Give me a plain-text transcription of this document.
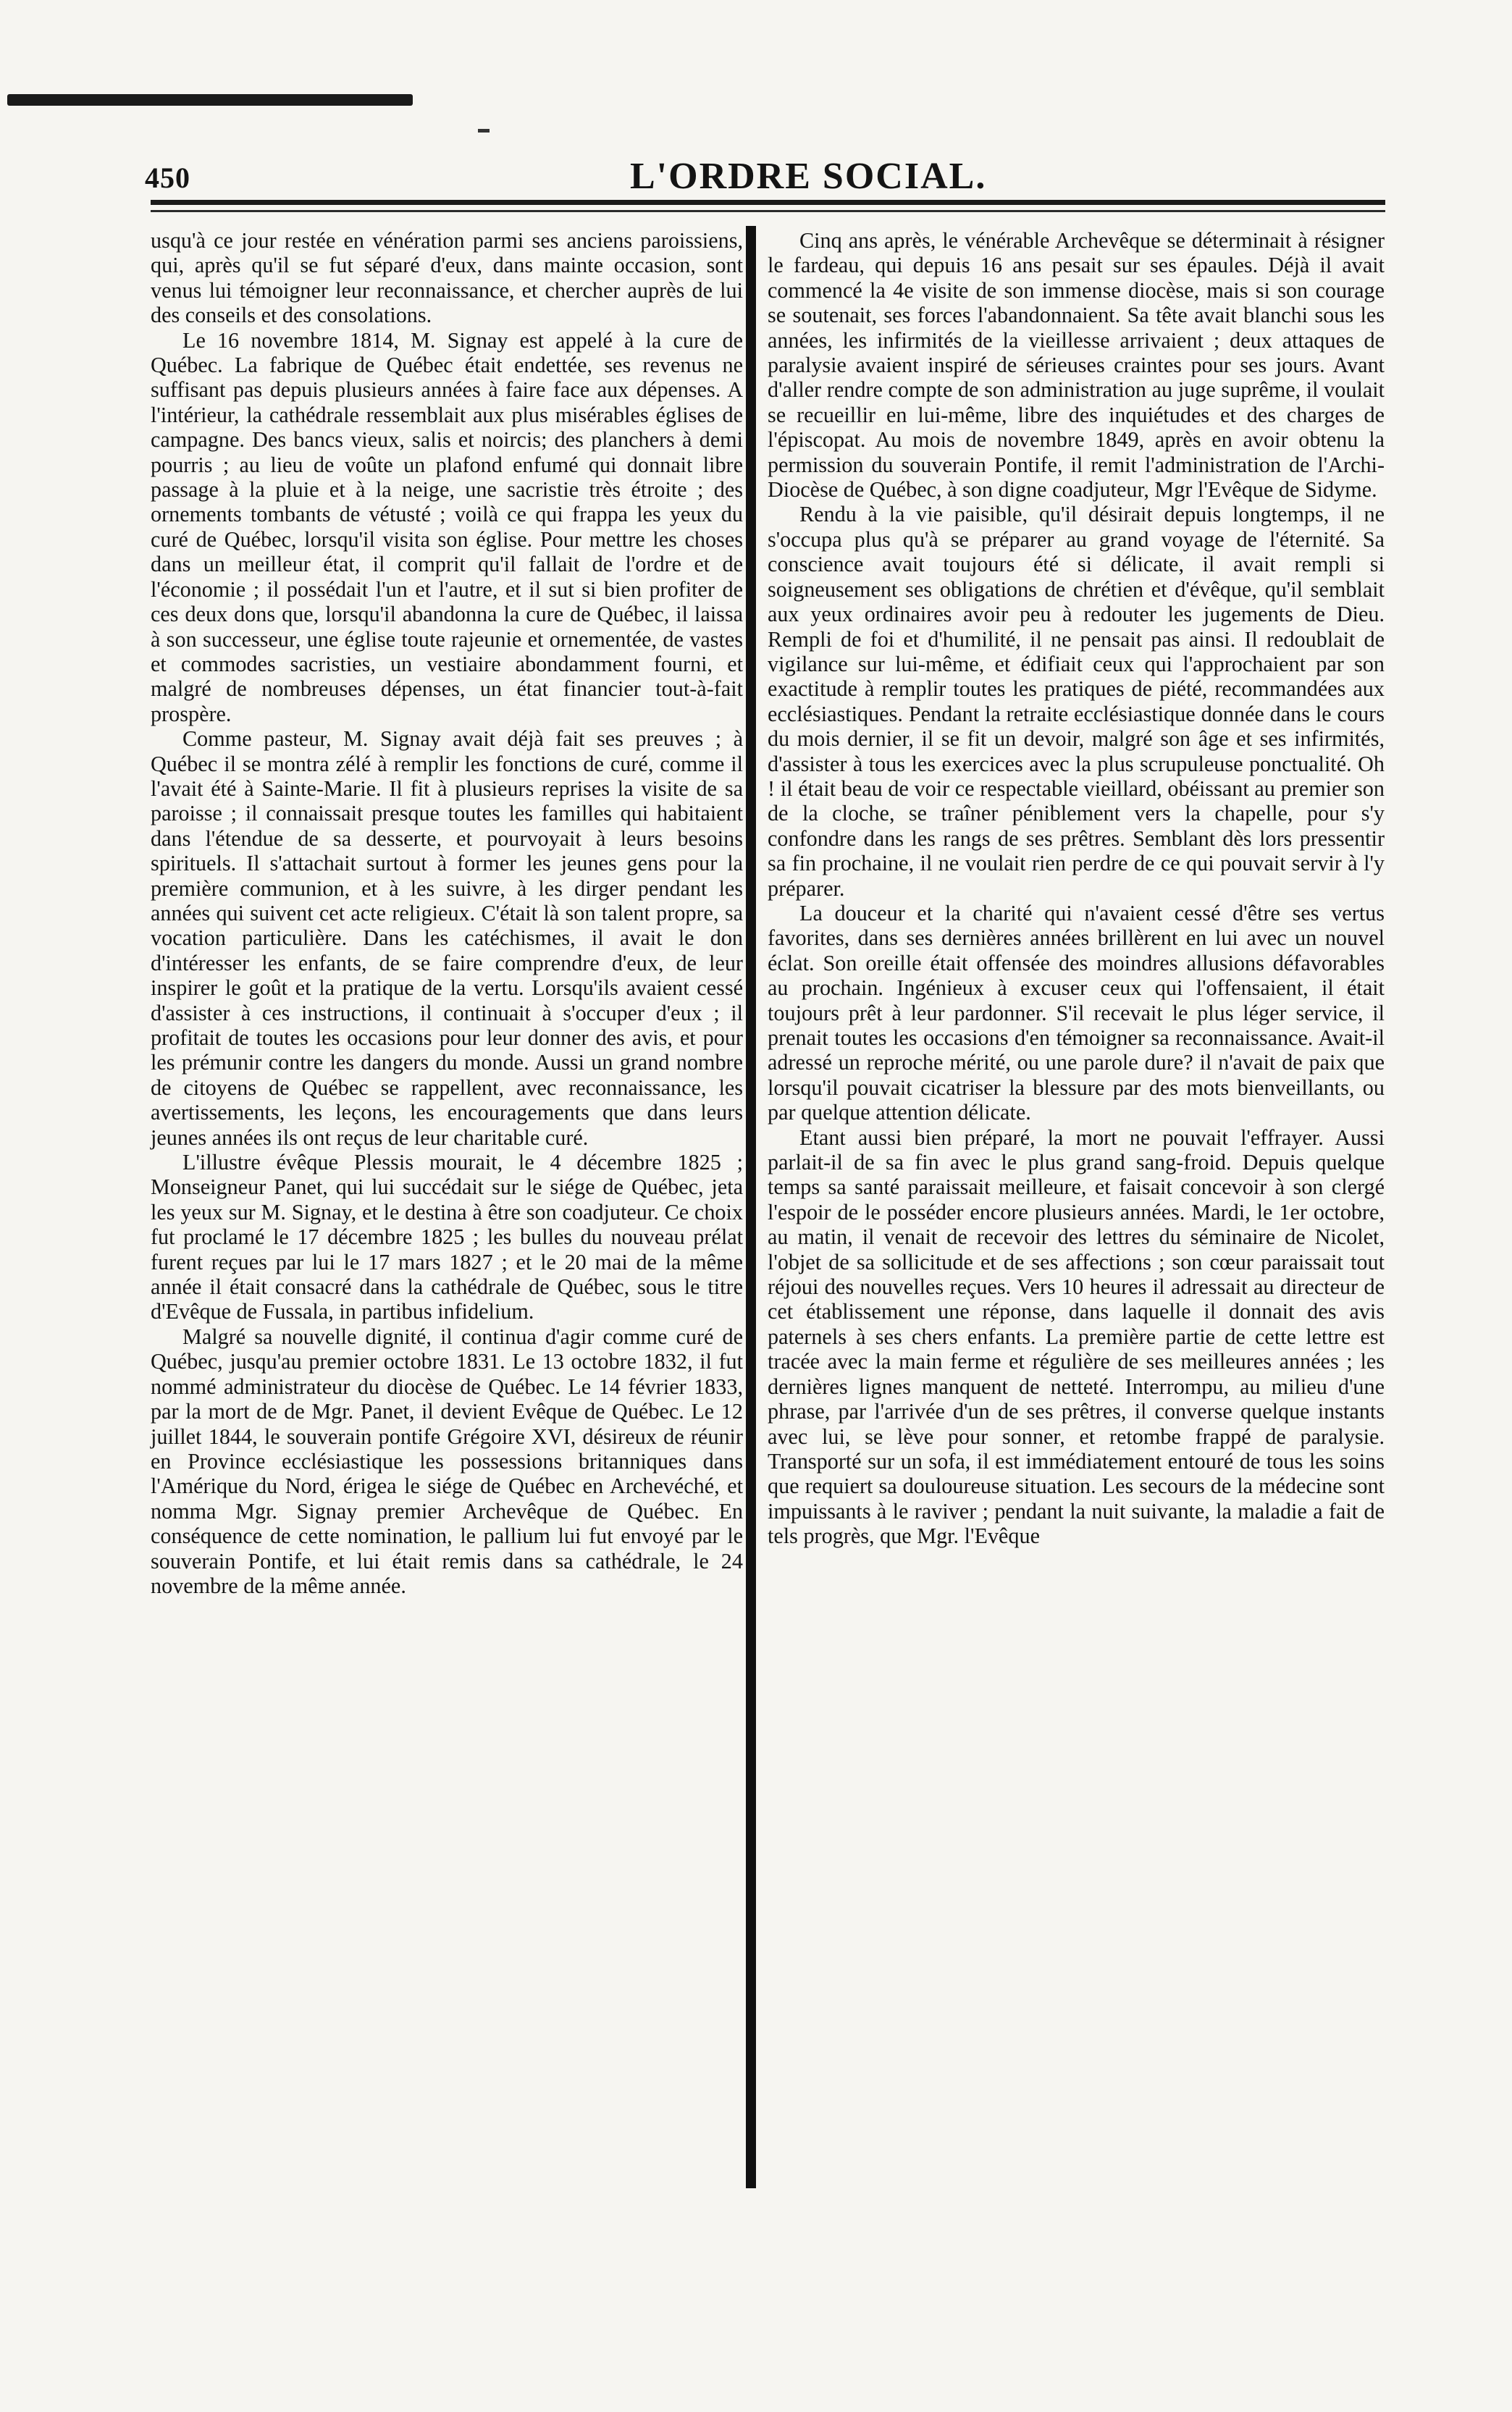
450	L'ORDRE SOCIAL.

usqu'à ce jour restée en vénération parmi ses anciens paroissiens, qui, après qu'il se fut séparé d'eux, dans mainte occasion, sont venus lui témoigner leur reconnaissance, et chercher auprès de lui des conseils et des consolations.

Le 16 novembre 1814, M. Signay est appelé à la cure de Québec. La fabrique de Québec était endettée, ses revenus ne suffisant pas depuis plusieurs années à faire face aux dépenses. A l'intérieur, la cathédrale ressemblait aux plus misérables églises de campagne. Des bancs vieux, salis et noircis; des planchers à demi pourris ; au lieu de voûte un plafond enfumé qui donnait libre passage à la pluie et à la neige, une sacristie très étroite ; des ornements tombants de vétusté ; voilà ce qui frappa les yeux du curé de Québec, lorsqu'il visita son église. Pour mettre les choses dans un meilleur état, il comprit qu'il fallait de l'ordre et de l'économie ; il possédait l'un et l'autre, et il sut si bien profiter de ces deux dons que, lorsqu'il abandonna la cure de Québec, il laissa à son successeur, une église toute rajeunie et ornementée, de vastes et commodes sacristies, un vestiaire abondamment fourni, et malgré de nombreuses dépenses, un état financier tout-à-fait prospère.

Comme pasteur, M. Signay avait déjà fait ses preuves ; à Québec il se montra zélé à remplir les fonctions de curé, comme il l'avait été à Sainte-Marie. Il fit à plusieurs reprises la visite de sa paroisse ; il connaissait presque toutes les familles qui habitaient dans l'étendue de sa desserte, et pourvoyait à leurs besoins spirituels. Il s'attachait surtout à former les jeunes gens pour la première communion, et à les suivre, à les dirger pendant les années qui suivent cet acte religieux. C'était là son talent propre, sa vocation particulière. Dans les catéchismes, il avait le don d'intéresser les enfants, de se faire comprendre d'eux, de leur inspirer le goût et la pratique de la vertu. Lorsqu'ils avaient cessé d'assister à ces instructions, il continuait à s'occuper d'eux ; il profitait de toutes les occasions pour leur donner des avis, et pour les prémunir contre les dangers du monde. Aussi un grand nombre de citoyens de Québec se rappellent, avec reconnaissance, les avertissements, les leçons, les encouragements que dans leurs jeunes années ils ont reçus de leur charitable curé.

L'illustre évêque Plessis mourait, le 4 décembre 1825 ; Monseigneur Panet, qui lui succédait sur le siége de Québec, jeta les yeux sur M. Signay, et le destina à être son coadjuteur. Ce choix fut proclamé le 17 décembre 1825 ; les bulles du nouveau prélat furent reçues par lui le 17 mars 1827 ; et le 20 mai de la même année il était consacré dans la cathédrale de Québec, sous le titre d'Evêque de Fussala, in partibus infidelium.

Malgré sa nouvelle dignité, il continua d'agir comme curé de Québec, jusqu'au premier octobre 1831. Le 13 octobre 1832, il fut nommé administrateur du diocèse de Québec. Le 14 février 1833, par la mort de de Mgr. Panet, il devient Evêque de Québec. Le 12 juillet 1844, le souverain pontife Grégoire XVI, désireux de réunir en Province ecclésiastique les possessions britanniques dans l'Amérique du Nord, érigea le siége de Québec en Archevéché, et nomma Mgr. Signay premier Archevêque de Québec. En conséquence de cette nomination, le pallium lui fut envoyé par le souverain Pontife, et lui était remis dans sa cathédrale, le 24 novembre de la même année.

Cinq ans après, le vénérable Archevêque se déterminait à résigner le fardeau, qui depuis 16 ans pesait sur ses épaules. Déjà il avait commencé la 4e visite de son immense diocèse, mais si son courage se soutenait, ses forces l'abandonnaient. Sa tête avait blanchi sous les années, les infirmités de la vieillesse arrivaient ; deux attaques de paralysie avaient inspiré de sérieuses craintes pour ses jours. Avant d'aller rendre compte de son administration au juge suprême, il voulait se recueillir en lui-même, libre des inquiétudes et des charges de l'épiscopat. Au mois de novembre 1849, après en avoir obtenu la permission du souverain Pontife, il remit l'administration de l'Archi-Diocèse de Québec, à son digne coadjuteur, Mgr l'Evêque de Sidyme.

Rendu à la vie paisible, qu'il désirait depuis longtemps, il ne s'occupa plus qu'à se préparer au grand voyage de l'éternité. Sa conscience avait toujours été si délicate, il avait rempli si soigneusement ses obligations de chrétien et d'évêque, qu'il semblait aux yeux ordinaires avoir peu à redouter les jugements de Dieu. Rempli de foi et d'humilité, il ne pensait pas ainsi. Il redoublait de vigilance sur lui-même, et édifiait ceux qui l'approchaient par son exactitude à remplir toutes les pratiques de piété, recommandées aux ecclésiastiques. Pendant la retraite ecclésiastique donnée dans le cours du mois dernier, il se fit un devoir, malgré son âge et ses infirmités, d'assister à tous les exercices avec la plus scrupuleuse ponctualité. Oh ! il était beau de voir ce respectable vieillard, obéissant au premier son de la cloche, se traîner péniblement vers la chapelle, pour s'y confondre dans les rangs de ses prêtres. Semblant dès lors pressentir sa fin prochaine, il ne voulait rien perdre de ce qui pouvait servir à l'y préparer.

La douceur et la charité qui n'avaient cessé d'être ses vertus favorites, dans ses dernières années brillèrent en lui avec un nouvel éclat. Son oreille était offensée des moindres allusions défavorables au prochain. Ingénieux à excuser ceux qui l'offensaient, il était toujours prêt à leur pardonner. S'il recevait le plus léger service, il prenait toutes les occasions d'en témoigner sa reconnaissance. Avait-il adressé un reproche mérité, ou une parole dure? il n'avait de paix que lorsqu'il pouvait cicatriser la blessure par des mots bienveillants, ou par quelque attention délicate.

Etant aussi bien préparé, la mort ne pouvait l'effrayer. Aussi parlait-il de sa fin avec le plus grand sang-froid. Depuis quelque temps sa santé paraissait meilleure, et faisait concevoir à son clergé l'espoir de le posséder encore plusieurs années. Mardi, le 1er octobre, au matin, il venait de recevoir des lettres du séminaire de Nicolet, l'objet de sa sollicitude et de ses affections ; son cœur paraissait tout réjoui des nouvelles reçues. Vers 10 heures il adressait au directeur de cet établissement une réponse, dans laquelle il donnait des avis paternels à ses chers enfants. La première partie de cette lettre est tracée avec la main ferme et régulière de ses meilleures années ; les dernières lignes manquent de netteté. Interrompu, au milieu d'une phrase, par l'arrivée d'un de ses prêtres, il converse quelque instants avec lui, se lève pour sonner, et retombe frappé de paralysie. Transporté sur un sofa, il est immédiatement entouré de tous les soins que requiert sa douloureuse situation. Les secours de la médecine sont impuissants à le raviver ; pendant la nuit suivante, la maladie a fait de tels progrès, que Mgr. l'Evêque
